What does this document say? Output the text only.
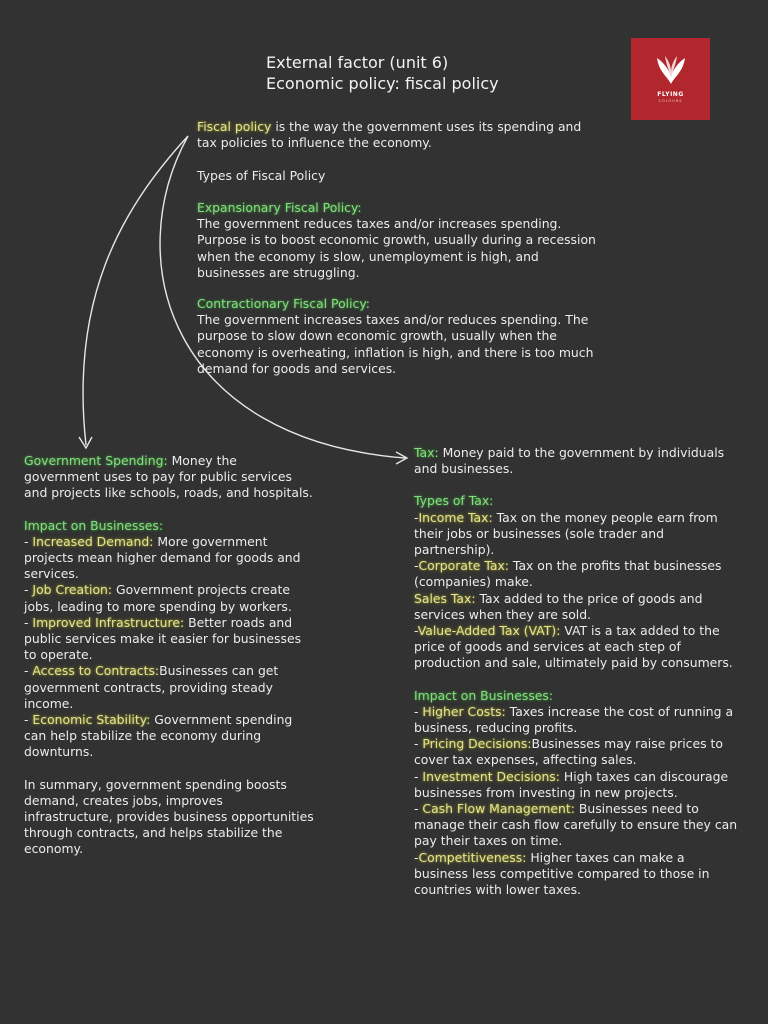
External factor (unit 6)
Economic policy: fiscal policy
FLYING
COLOURS
Fiscal policy is the way the government uses its spending and tax policies to influence the economy.
Types of Fiscal Policy
Expansionary Fiscal Policy:
The government reduces taxes and/or increases spending. Purpose is to boost economic growth, usually during a recession when the economy is slow, unemployment is high, and businesses are struggling.
Contractionary Fiscal Policy:
The government increases taxes and/or reduces spending. The purpose to slow down economic growth, usually when the economy is overheating, inflation is high, and there is too much demand for goods and services.
Government Spending: Money the government uses to pay for public services and projects like schools, roads, and hospitals.
Impact on Businesses:
- Increased Demand: More government projects mean higher demand for goods and services.
- Job Creation: Government projects create jobs, leading to more spending by workers.
- Improved Infrastructure: Better roads and public services make it easier for businesses to operate.
- Access to Contracts:Businesses can get government contracts, providing steady income.
- Economic Stability: Government spending can help stabilize the economy during downturns.
In summary, government spending boosts demand, creates jobs, improves infrastructure, provides business opportunities through contracts, and helps stabilize the economy.
Tax: Money paid to the government by individuals and businesses.
Types of Tax:
-Income Tax: Tax on the money people earn from their jobs or businesses (sole trader and partnership).
-Corporate Tax: Tax on the profits that businesses (companies) make.
Sales Tax: Tax added to the price of goods and services when they are sold.
-Value-Added Tax (VAT): VAT is a tax added to the price of goods and services at each step of production and sale, ultimately paid by consumers.
Impact on Businesses:
- Higher Costs: Taxes increase the cost of running a business, reducing profits.
- Pricing Decisions:Businesses may raise prices to cover tax expenses, affecting sales.
- Investment Decisions: High taxes can discourage businesses from investing in new projects.
- Cash Flow Management: Businesses need to manage their cash flow carefully to ensure they can pay their taxes on time.
-Competitiveness: Higher taxes can make a business less competitive compared to those in countries with lower taxes.
